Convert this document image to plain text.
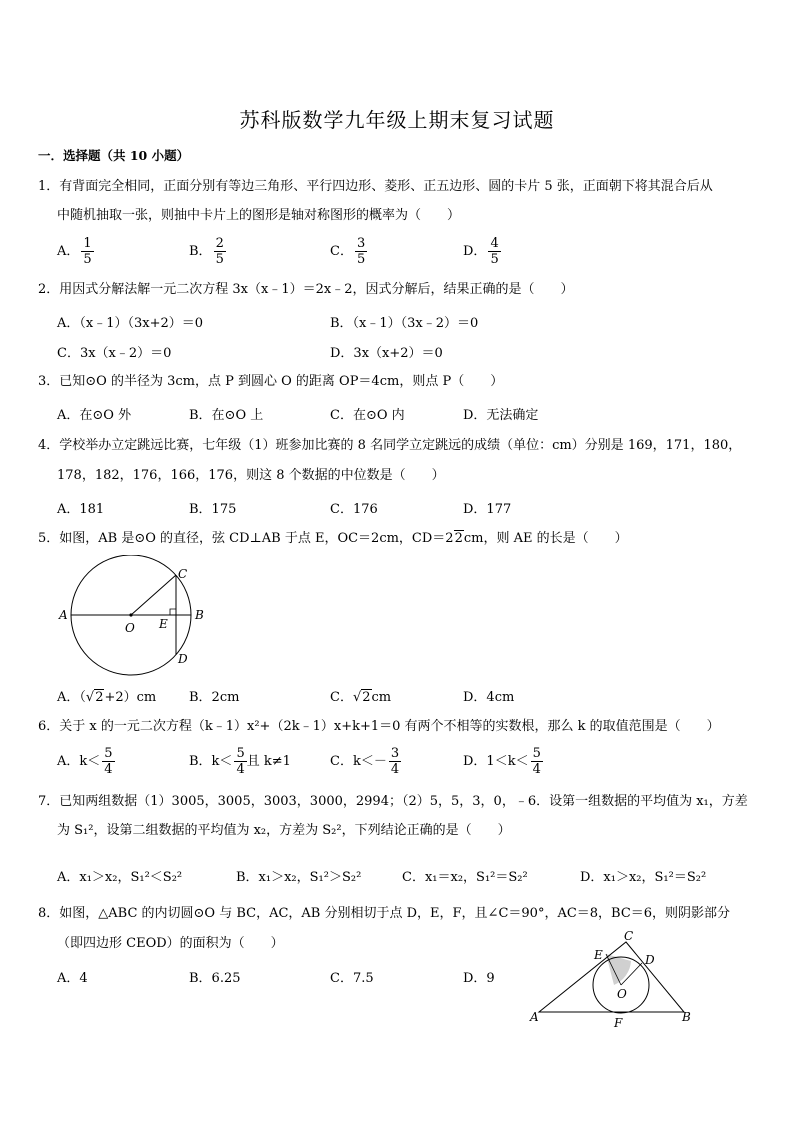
苏科版数学九年级上期末复习试题
一．选择题（共 10 小题）
1．有背面完全相同，正面分别有等边三角形、平行四边形、菱形、正五边形、圆的卡片 5 张，正面朝下将其混合后从
中随机抽取一张，则抽中卡片上的图形是轴对称图形的概率为（　　）
A． $\frac{1}{5}$	B． $\frac{2}{5}$	C． $\frac{3}{5}$	D． $\frac{4}{5}$
2．用因式分解法解一元二次方程 3x（x﹣1）＝2x﹣2，因式分解后，结果正确的是（　　）
A．（x﹣1）（3x+2）＝0	B．（x﹣1）（3x﹣2）＝0
C．3x（x﹣2）＝0	D．3x（x+2）＝0
3．已知⊙O 的半径为 3cm，点 P 到圆心 O 的距离 OP＝4cm，则点 P（　　）
A．在⊙O 外	B．在⊙O 上	C．在⊙O 内	D．无法确定
4．学校举办立定跳远比赛，七年级（1）班参加比赛的 8 名同学立定跳远的成绩（单位：cm）分别是 169，171，180，
178，182，176，166，176，则这 8 个数据的中位数是（　　）
A．181	B．175	C．176	D．177
5．如图，AB 是⊙O 的直径，弦 CD⊥AB 于点 E，OC＝2cm，CD＝22cm，则 AE 的长是（　　）
A	B
C
D
E
O
A．（√2+2）cm	B．2cm	C．√2cm	D．4cm
6．关于 x 的一元二次方程（k﹣1）x²+（2k﹣1）x+k+1＝0 有两个不相等的实数根，那么 k 的取值范围是（　　）
A．$k< \frac{5}{4}$	B．$k< \frac{5}{4}$ 且 k≠1	C．$k<- \frac{3}{4}$	D．$1<k< \frac{5}{4}$
7．已知两组数据（1）3005，3005，3003，3000，2994；（2）5，5，3，0，﹣6．设第一组数据的平均值为 x₁，方差
为 S₁²，设第二组数据的平均值为 x₂，方差为 S₂²，下列结论正确的是（　　）
A．x₁＞x₂，S₁²＜S₂²	B．x₁＞x₂，S₁²＞S₂²	C．x₁＝x₂，S₁²＝S₂²	D．x₁＞x₂，S₁²＝S₂²
8．如图，△ABC 的内切圆⊙O 与 BC，AC，AB 分别相切于点 D，E，F，且∠C＝90°，AC＝8，BC＝6，则阴影部分
（即四边形 CEOD）的面积为（　　）
A．4	B．6.25	C．7.5	D．9
A	B
C
D
E
F
O
